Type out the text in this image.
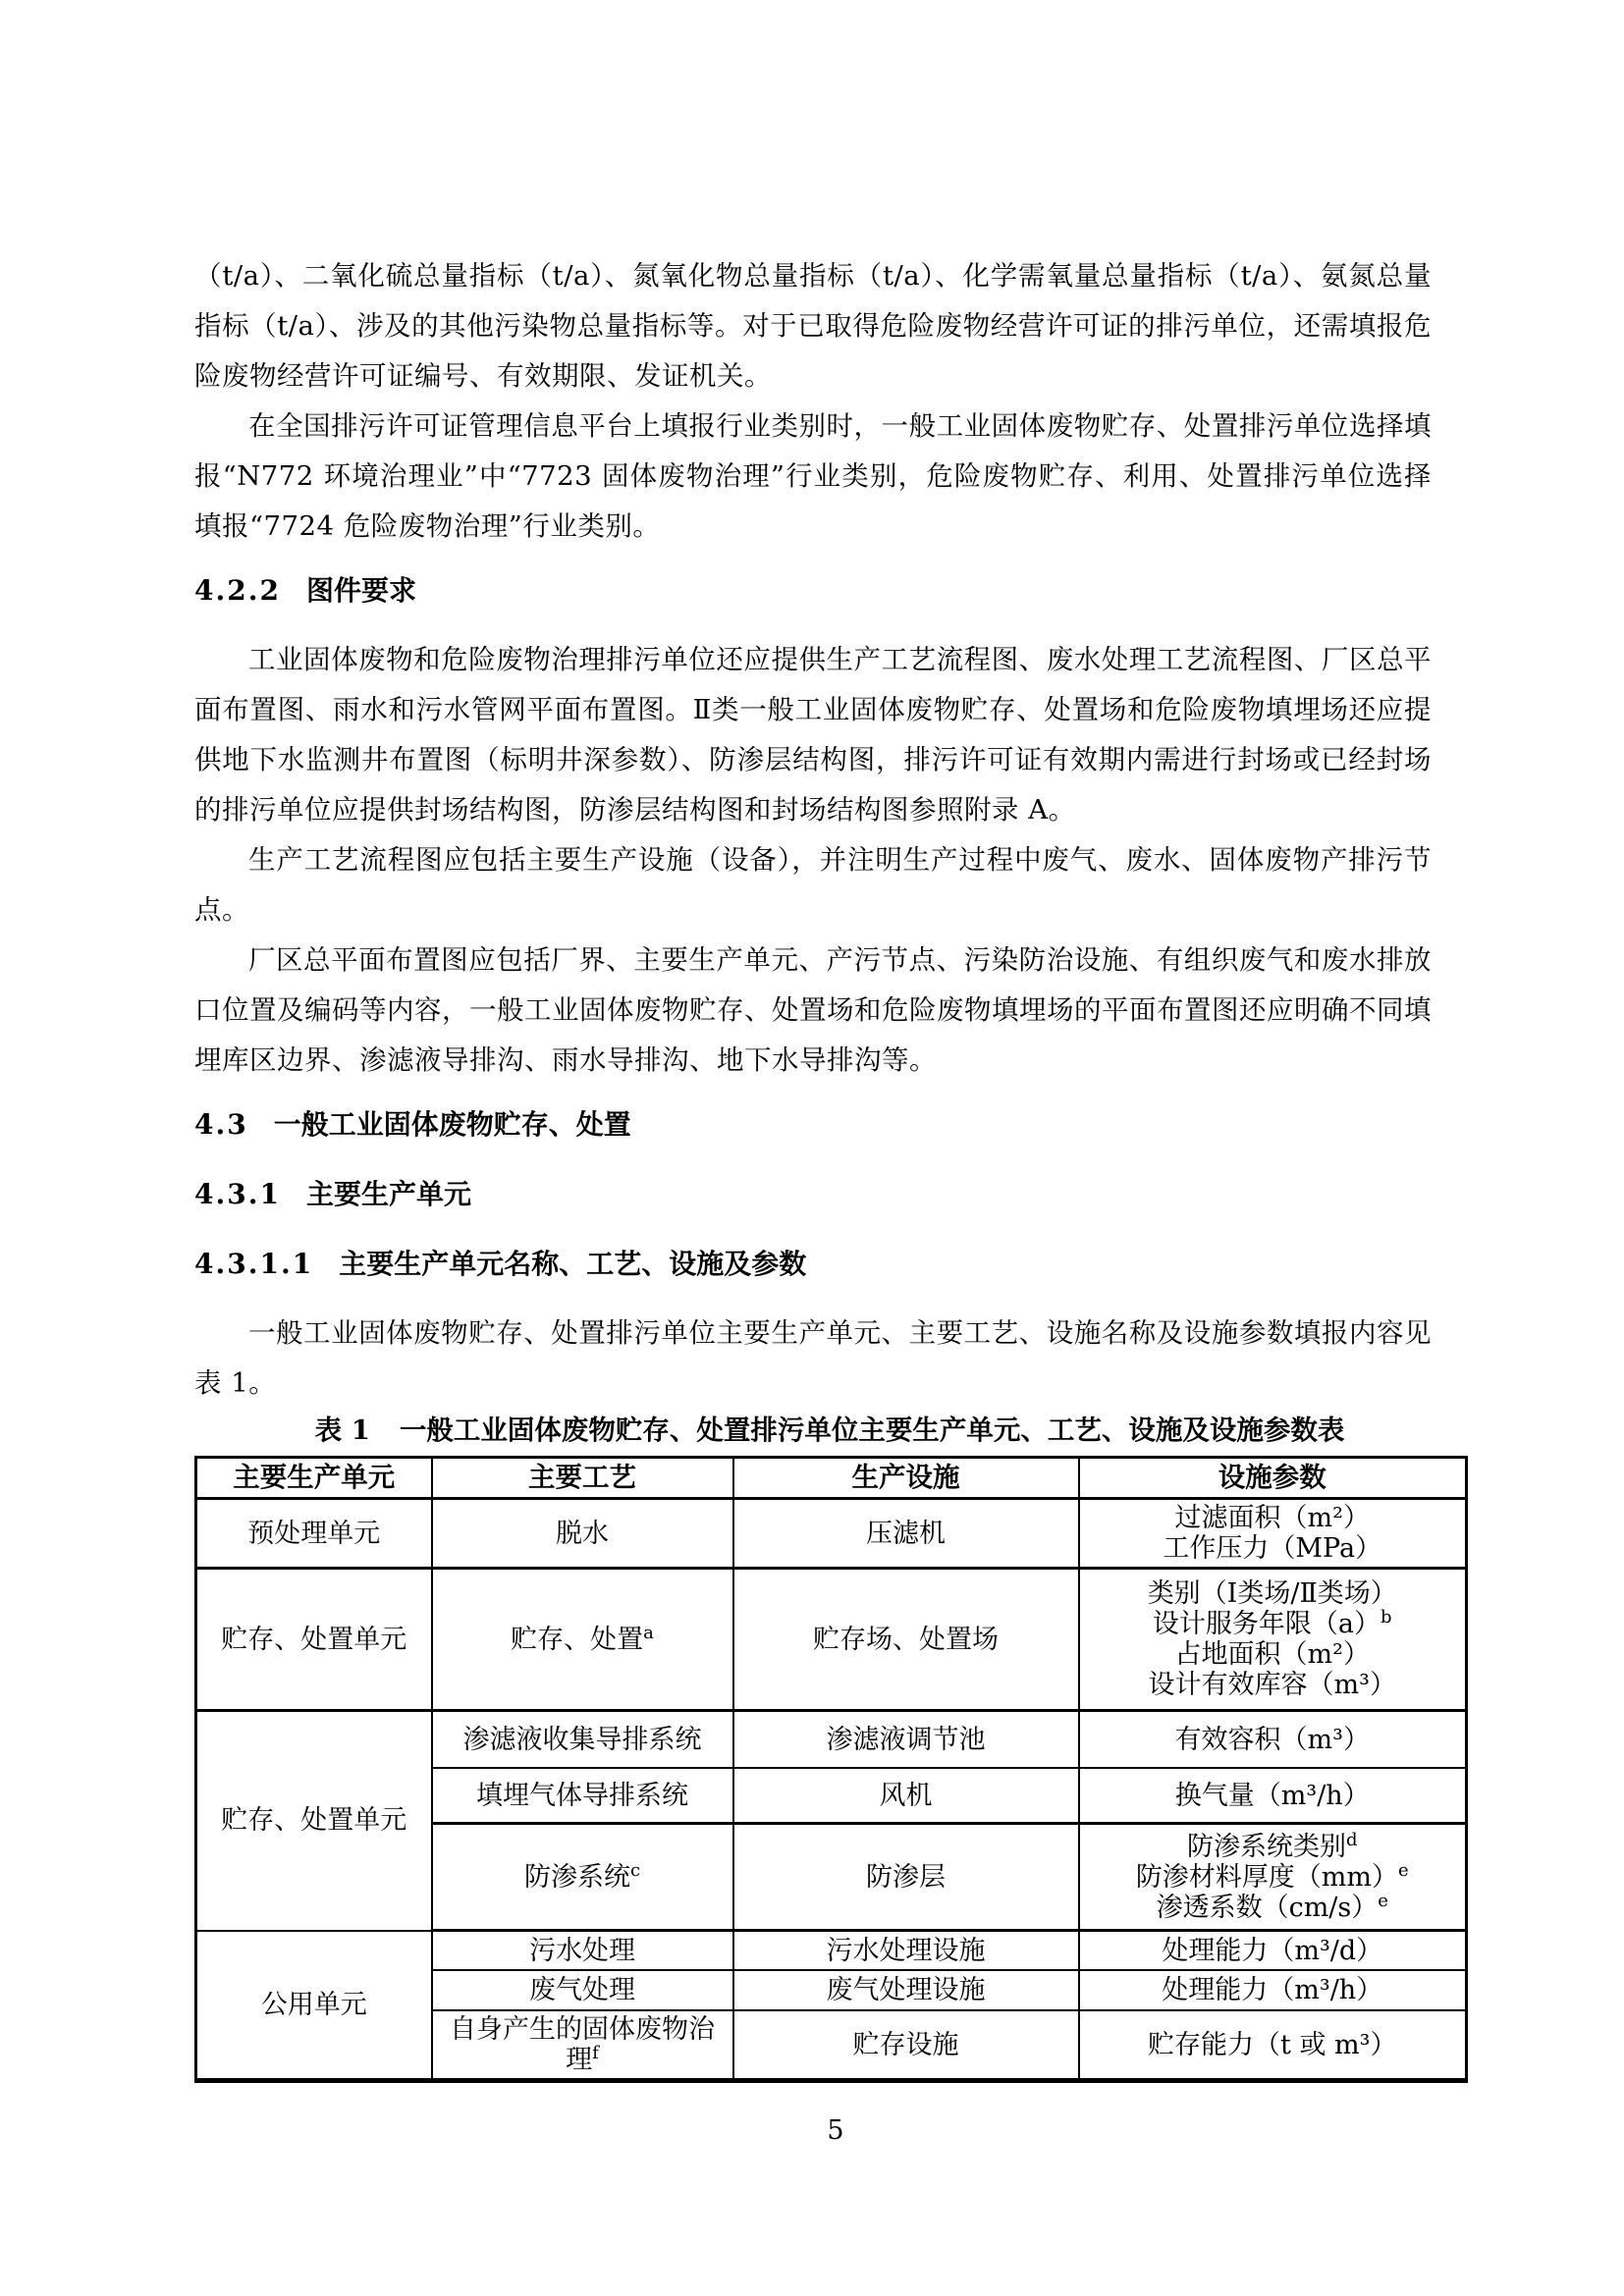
（t/a）、二氧化硫总量指标（t/a）、氮氧化物总量指标（t/a）、化学需氧量总量指标（t/a）、氨氮总量指标（t/a）、涉及的其他污染物总量指标等。对于已取得危险废物经营许可证的排污单位，还需填报危险废物经营许可证编号、有效期限、发证机关。

在全国排污许可证管理信息平台上填报行业类别时，一般工业固体废物贮存、处置排污单位选择填报“N772 环境治理业”中“7723 固体废物治理”行业类别，危险废物贮存、利用、处置排污单位选择填报“7724 危险废物治理”行业类别。

4.2.2 图件要求

工业固体废物和危险废物治理排污单位还应提供生产工艺流程图、废水处理工艺流程图、厂区总平面布置图、雨水和污水管网平面布置图。Ⅱ类一般工业固体废物贮存、处置场和危险废物填埋场还应提供地下水监测井布置图（标明井深参数）、防渗层结构图，排污许可证有效期内需进行封场或已经封场的排污单位应提供封场结构图，防渗层结构图和封场结构图参照附录 A。

生产工艺流程图应包括主要生产设施（设备），并注明生产过程中废气、废水、固体废物产排污节点。

厂区总平面布置图应包括厂界、主要生产单元、产污节点、污染防治设施、有组织废气和废水排放口位置及编码等内容，一般工业固体废物贮存、处置场和危险废物填埋场的平面布置图还应明确不同填埋库区边界、渗滤液导排沟、雨水导排沟、地下水导排沟等。

4.3 一般工业固体废物贮存、处置
4.3.1 主要生产单元
4.3.1.1 主要生产单元名称、工艺、设施及参数

一般工业固体废物贮存、处置排污单位主要生产单元、主要工艺、设施名称及设施参数填报内容见表 1。

表 1 一般工业固体废物贮存、处置排污单位主要生产单元、工艺、设施及设施参数表
主要生产单元	主要工艺	生产设施	设施参数
预处理单元	脱水	压滤机	过滤面积（m²）
工作压力（MPa）

贮存、处置单元	贮存、处置$^a$	贮存场、处置场	类别（Ⅰ类场/Ⅱ类场）
设计服务年限$(a)^b$
占地面积（m²）
设计有效库容（m³）

贮存、处置单元	渗滤液收集导排系统	渗滤液调节池	有效容积（m³）

	填埋气体导排系统	风机	换气量（m³/h）

	防渗系统$^c$	防渗层	防渗系统类别$^d$
防渗材料厚度（mm）$^e$
渗透系数$(cm/s)^e$

公用单元	污水处理	污水处理设施	处理能力（m³/d）

	废气处理	废气处理设施	处理能力（m³/h）

	自身产生的固体废物治理$^f$	贮存设施	贮存能力（t 或 m³）
5
